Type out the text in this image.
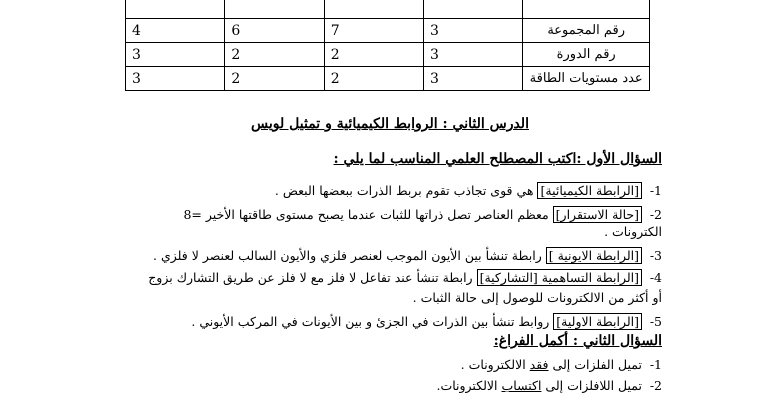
رقم المجموعة	3	7	6	4
رقم الدورة	3	2	2	3
عدد مستويات الطاقة	3	2	2	3
الدرس الثاني : الروابط الكيميائية و تمثيل لويس
السؤال الأول :اكتب المصطلح العلمي المناسب لما يلي :
1- [الرابطة الكيميائية] هي قوى تجاذب تقوم بربط الذرات ببعضها البعض .
2- [حالة الاستقرار] معظم العناصر تصل ذراتها للثبات عندما يصبح مستوى طاقتها الأخير =8
الكترونات .
3- [الرابطة الايونية ] رابطة تنشأ بين الأيون الموجب لعنصر فلزي والأيون السالب لعنصر لا فلزي .
4- [الرابطة التساهمية [التشاركية] رابطة تنشأ عند تفاعل لا فلز مع لا فلز عن طريق التشارك بزوج
أو أكثر من الالكترونات للوصول إلى حالة الثبات .
5- [الرابطة الاولية] روابط تنشأ بين الذرات في الجزئ و بين الأيونات في المركب الأيوني .
السؤال الثاني : أكمل الفراغ:
1- تميل الفلزات إلى فقد الالكترونات .
2- تميل اللافلزات إلى اكتساب الالكترونات.
